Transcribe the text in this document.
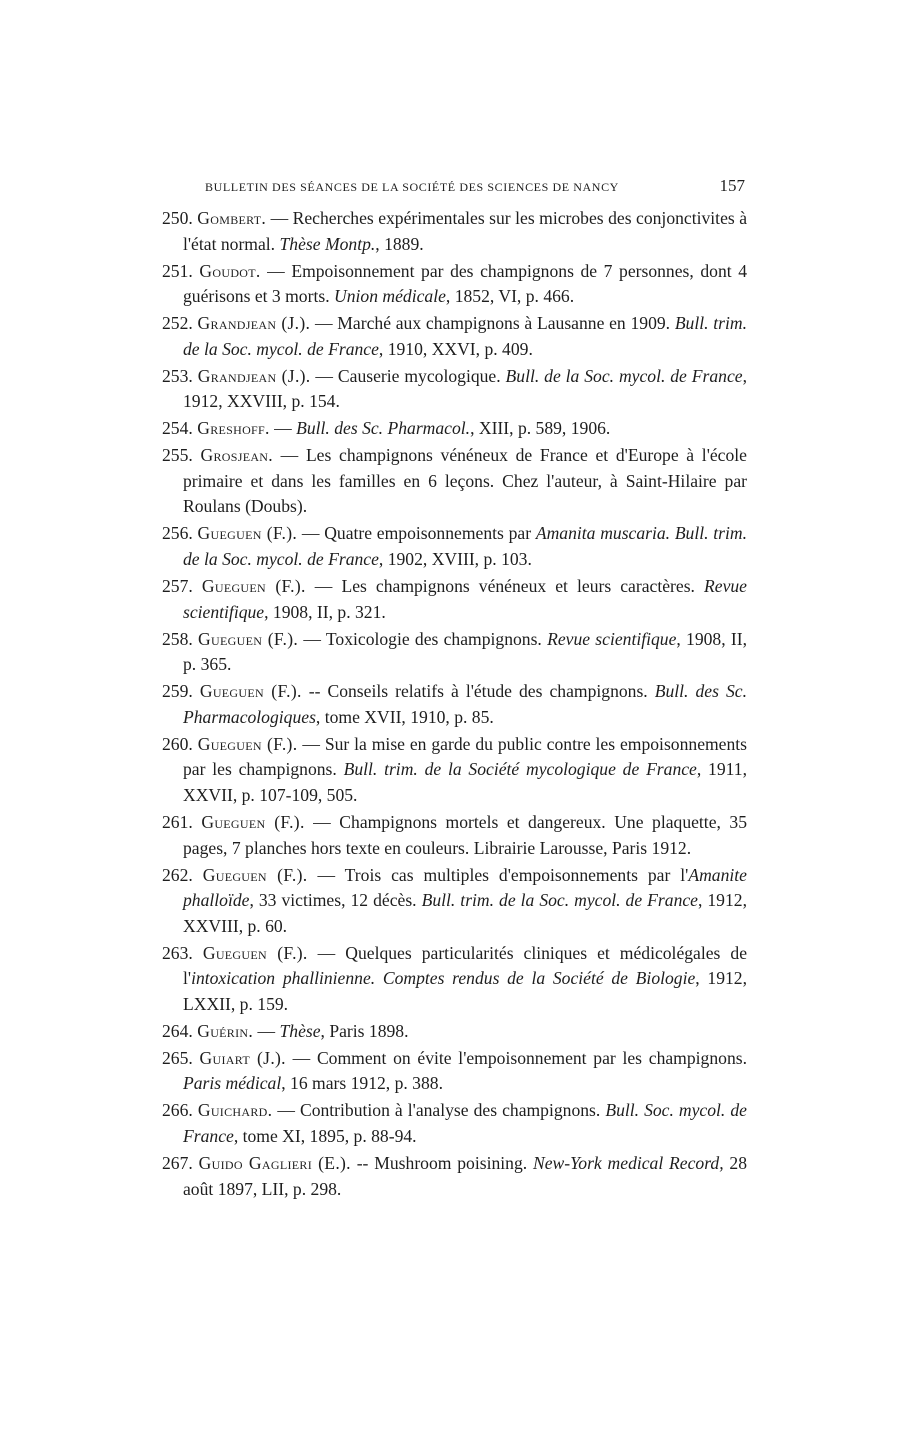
BULLETIN DES SÉANCES DE LA SOCIÉTÉ DES SCIENCES DE NANCY	157

250. Gombert. — Recherches expérimentales sur les microbes des conjonctivites à l'état normal. Thèse Montp., 1889.

251. Goudot. — Empoisonnement par des champignons de 7 personnes, dont 4 guérisons et 3 morts. Union médicale, 1852, VI, p. 466.

252. Grandjean (J.). — Marché aux champignons à Lausanne en 1909. Bull. trim. de la Soc. mycol. de France, 1910, XXVI, p. 409.

253. Grandjean (J.). — Causerie mycologique. Bull. de la Soc. mycol. de France, 1912, XXVIII, p. 154.

254. Greshoff. — Bull. des Sc. Pharmacol., XIII, p. 589, 1906.

255. Grosjean. — Les champignons vénéneux de France et d'Europe à l'école primaire et dans les familles en 6 leçons. Chez l'auteur, à Saint-Hilaire par Roulans (Doubs).

256. Gueguen (F.). — Quatre empoisonnements par Amanita muscaria. Bull. trim. de la Soc. mycol. de France, 1902, XVIII, p. 103.

257. Gueguen (F.). — Les champignons vénéneux et leurs caractères. Revue scientifique, 1908, II, p. 321.

258. Gueguen (F.). — Toxicologie des champignons. Revue scientifique, 1908, II, p. 365.

259. Gueguen (F.). -- Conseils relatifs à l'étude des champignons. Bull. des Sc. Pharmacologiques, tome XVII, 1910, p. 85.

260. Gueguen (F.). — Sur la mise en garde du public contre les empoisonnements par les champignons. Bull. trim. de la Société mycologique de France, 1911, XXVII, p. 107-109, 505.

261. Gueguen (F.). — Champignons mortels et dangereux. Une plaquette, 35 pages, 7 planches hors texte en couleurs. Librairie Larousse, Paris 1912.

262. Gueguen (F.). — Trois cas multiples d'empoisonnements par l'Amanite phalloïde, 33 victimes, 12 décès. Bull. trim. de la Soc. mycol. de France, 1912, XXVIII, p. 60.

263. Gueguen (F.). — Quelques particularités cliniques et médicolégales de l'intoxication phallinienne. Comptes rendus de la Société de Biologie, 1912, LXXII, p. 159.

264. Guérin. — Thèse, Paris 1898.

265. Guiart (J.). — Comment on évite l'empoisonnement par les champignons. Paris médical, 16 mars 1912, p. 388.

266. Guichard. — Contribution à l'analyse des champignons. Bull. Soc. mycol. de France, tome XI, 1895, p. 88-94.

267. Guido Gaglieri (E.). -- Mushroom poisining. New-York medical Record, 28 août 1897, LII, p. 298.
